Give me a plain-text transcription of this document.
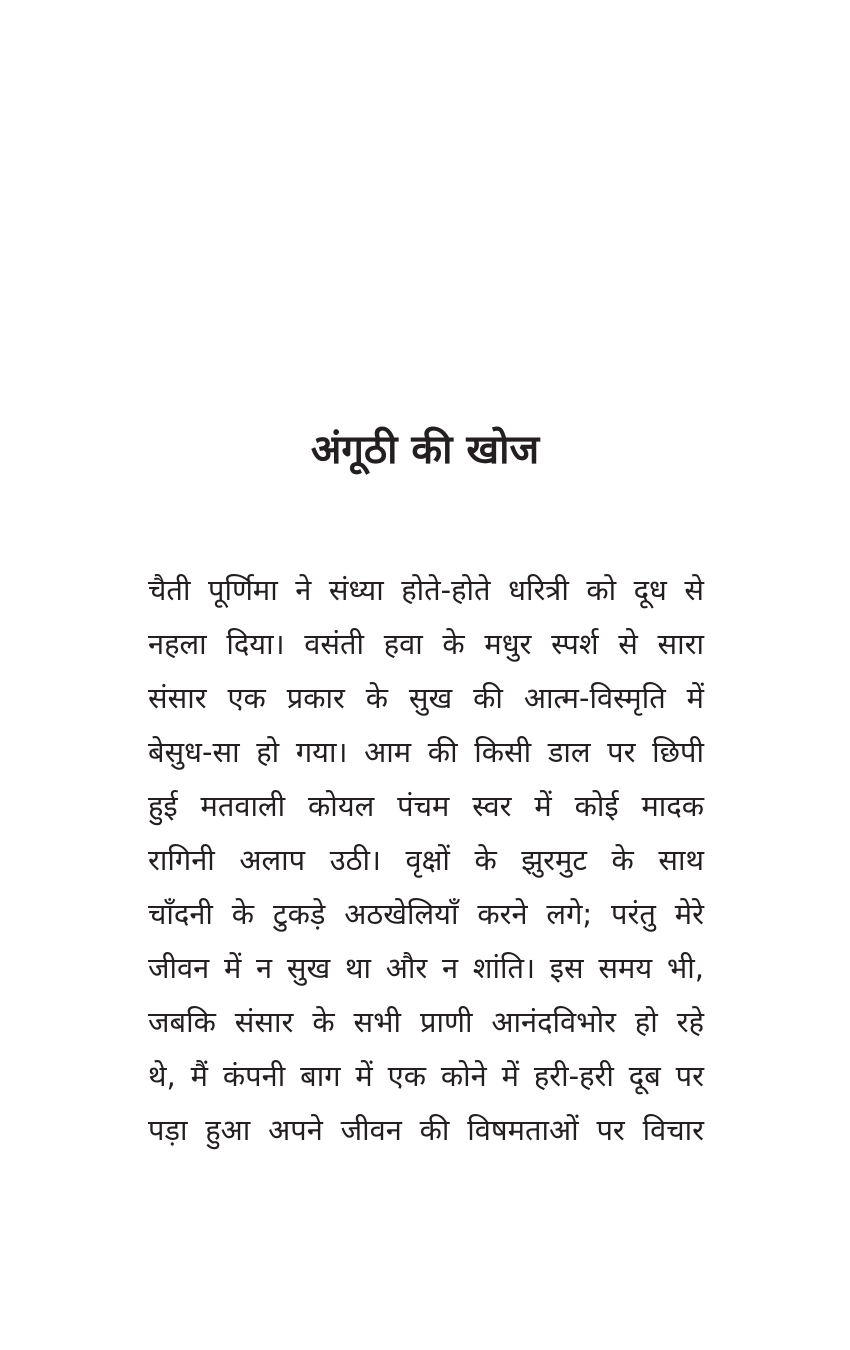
अंगूठी की खोज
चैती पूर्णिमा ने संध्या होते-होते धरित्री को दूध से
नहला दिया। वसंती हवा के मधुर स्पर्श से सारा
संसार एक प्रकार के सुख की आत्म-विस्मृति में
बेसुध-सा हो गया। आम की किसी डाल पर छिपी
हुई मतवाली कोयल पंचम स्वर में कोई मादक
रागिनी अलाप उठी। वृक्षों के झुरमुट के साथ
चाँदनी के टुकड़े अठखेलियाँ करने लगे; परंतु मेरे
जीवन में न सुख था और न शांति। इस समय भी,
जबकि संसार के सभी प्राणी आनंदविभोर हो रहे
थे, मैं कंपनी बाग में एक कोने में हरी-हरी दूब पर
पड़ा हुआ अपने जीवन की विषमताओं पर विचार
